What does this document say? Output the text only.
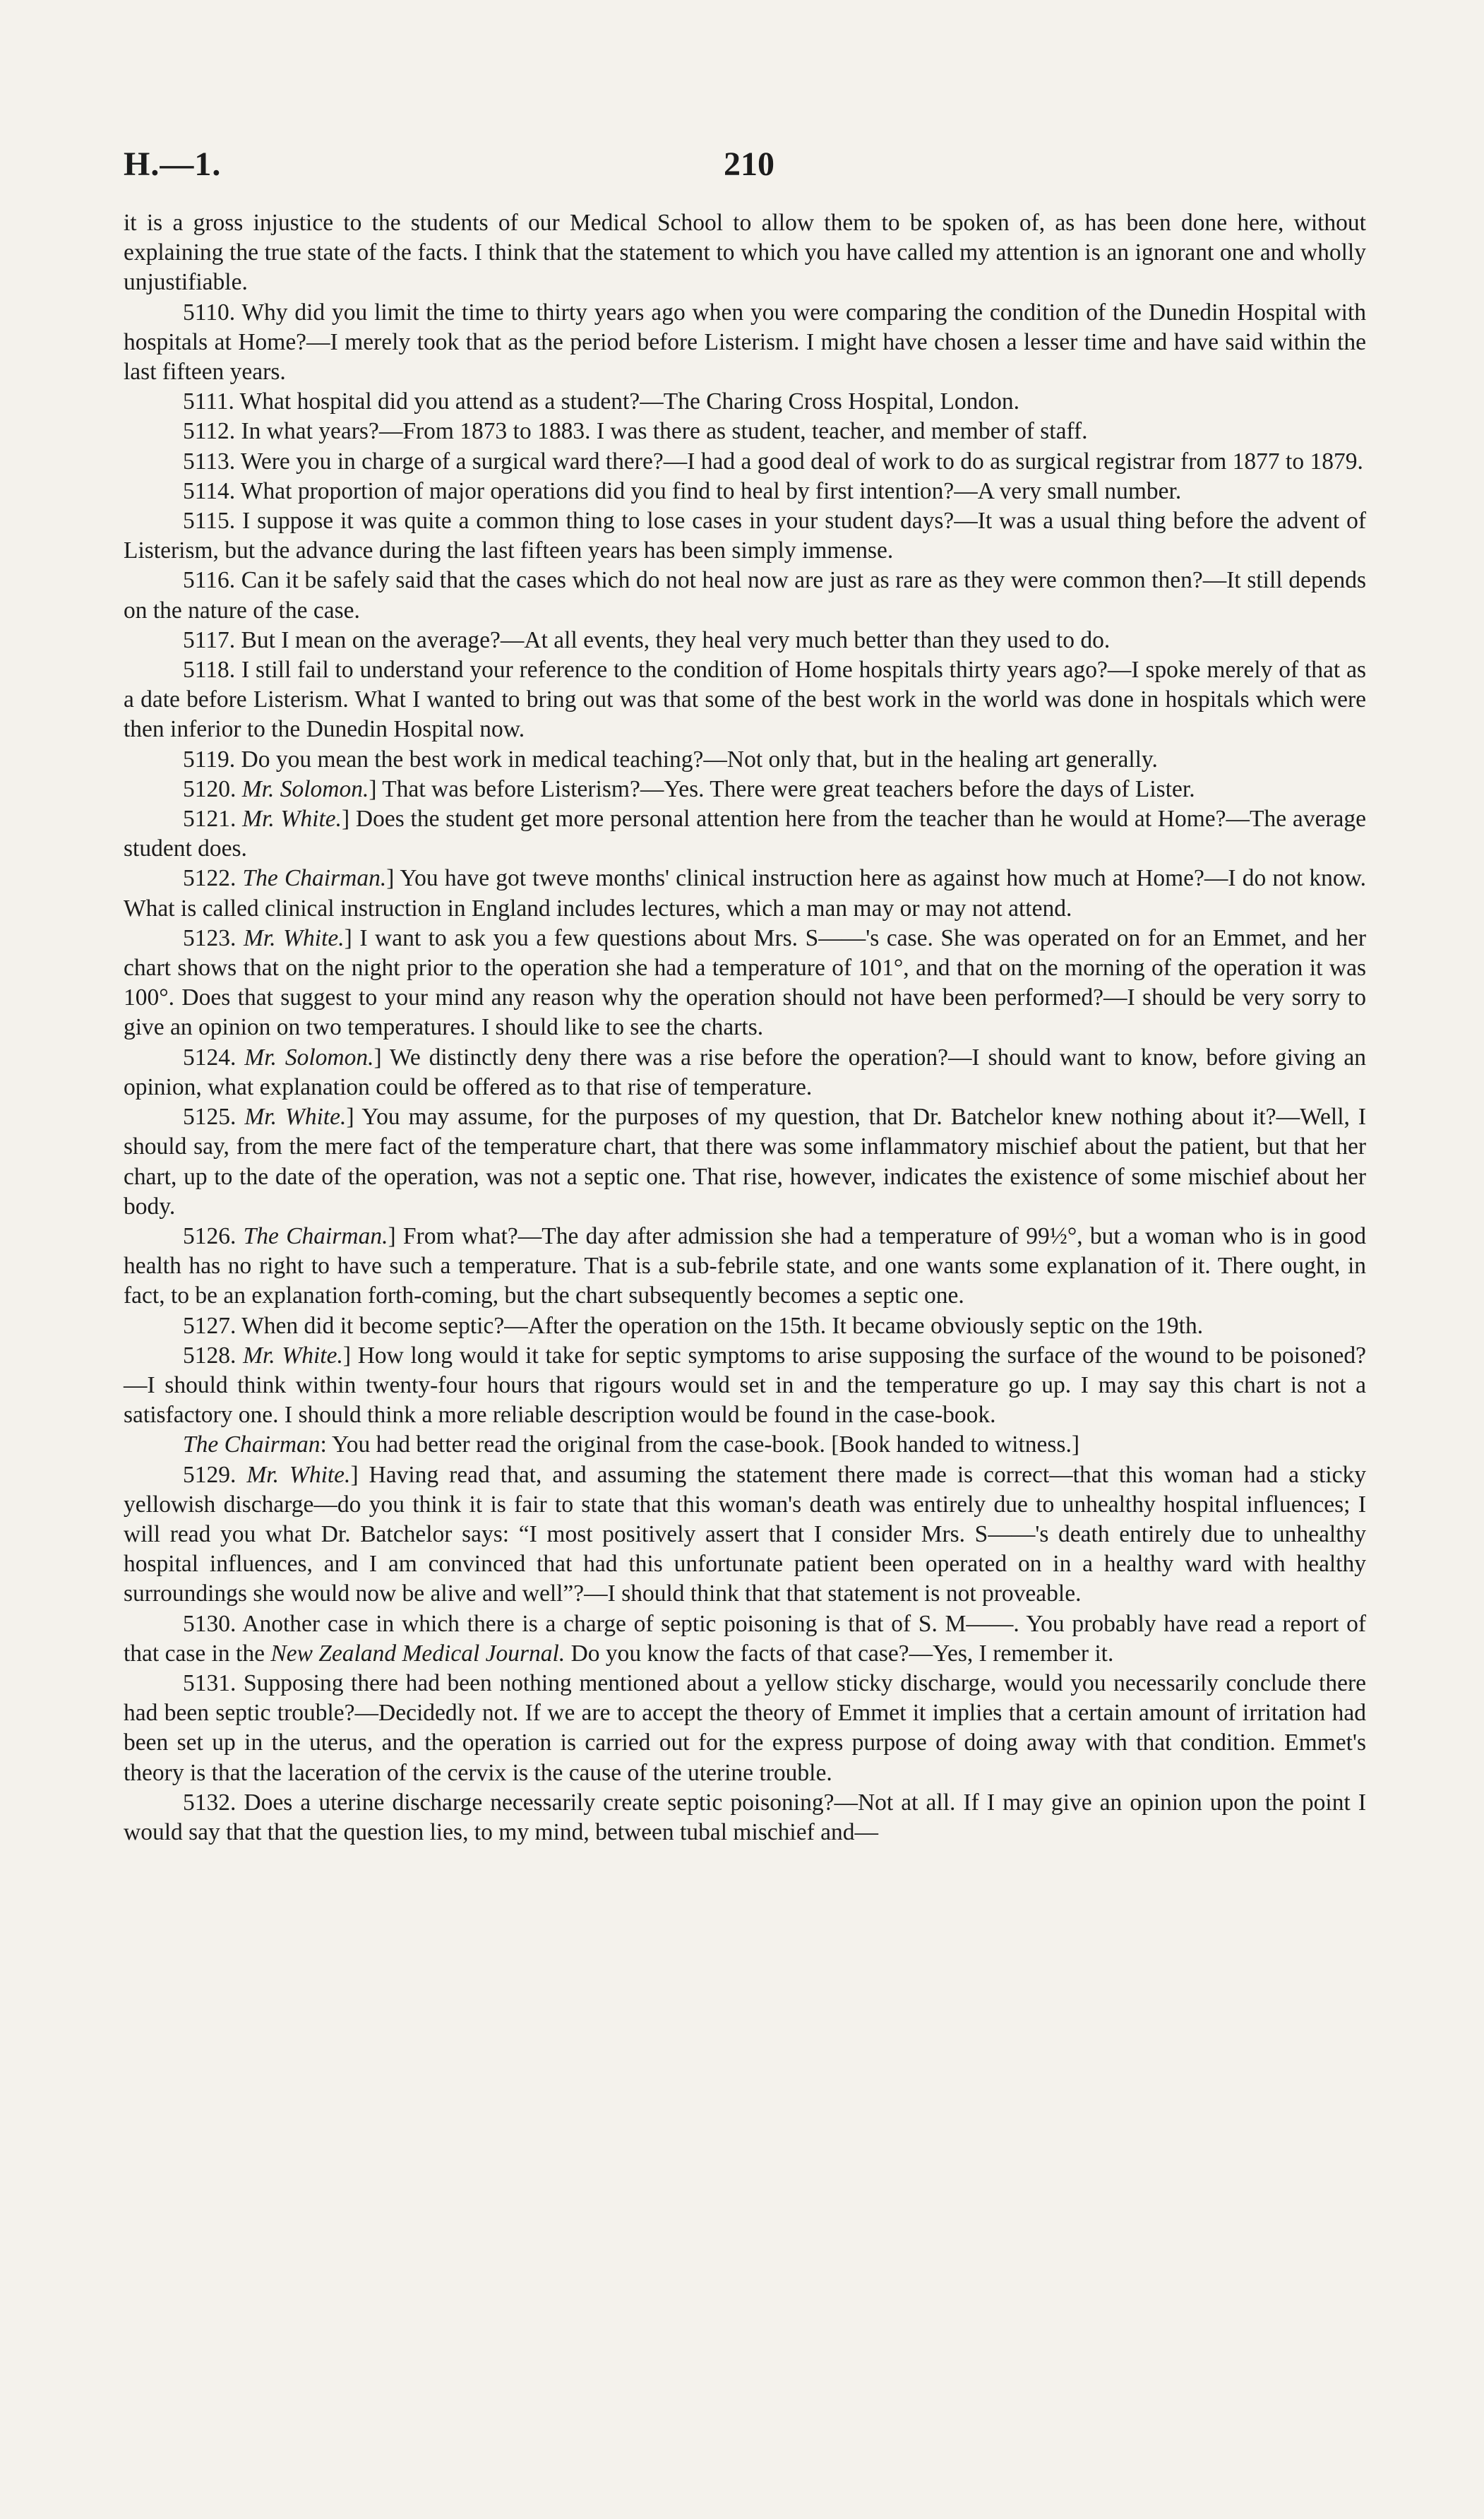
H.—1.	210

it is a gross injustice to the students of our Medical School to allow them to be spoken of, as has been done here, without explaining the true state of the facts. I think that the statement to which you have called my attention is an ignorant one and wholly unjustifiable.

5110. Why did you limit the time to thirty years ago when you were comparing the condition of the Dunedin Hospital with hospitals at Home?—I merely took that as the period before Listerism. I might have chosen a lesser time and have said within the last fifteen years.

5111. What hospital did you attend as a student?—The Charing Cross Hospital, London.

5112. In what years?—From 1873 to 1883. I was there as student, teacher, and member of staff.

5113. Were you in charge of a surgical ward there?—I had a good deal of work to do as surgical registrar from 1877 to 1879.

5114. What proportion of major operations did you find to heal by first intention?—A very small number.

5115. I suppose it was quite a common thing to lose cases in your student days?—It was a usual thing before the advent of Listerism, but the advance during the last fifteen years has been simply immense.

5116. Can it be safely said that the cases which do not heal now are just as rare as they were common then?—It still depends on the nature of the case.

5117. But I mean on the average?—At all events, they heal very much better than they used to do.

5118. I still fail to understand your reference to the condition of Home hospitals thirty years ago?—I spoke merely of that as a date before Listerism. What I wanted to bring out was that some of the best work in the world was done in hospitals which were then inferior to the Dunedin Hospital now.

5119. Do you mean the best work in medical teaching?—Not only that, but in the healing art generally.

5120. Mr. Solomon.] That was before Listerism?—Yes. There were great teachers before the days of Lister.

5121. Mr. White.] Does the student get more personal attention here from the teacher than he would at Home?—The average student does.

5122. The Chairman.] You have got tweve months' clinical instruction here as against how much at Home?—I do not know. What is called clinical instruction in England includes lectures, which a man may or may not attend.

5123. Mr. White.] I want to ask you a few questions about Mrs. S——'s case. She was operated on for an Emmet, and her chart shows that on the night prior to the operation she had a temperature of 101°, and that on the morning of the operation it was 100°. Does that suggest to your mind any reason why the operation should not have been performed?—I should be very sorry to give an opinion on two temperatures. I should like to see the charts.

5124. Mr. Solomon.] We distinctly deny there was a rise before the operation?—I should want to know, before giving an opinion, what explanation could be offered as to that rise of temperature.

5125. Mr. White.] You may assume, for the purposes of my question, that Dr. Batchelor knew nothing about it?—Well, I should say, from the mere fact of the temperature chart, that there was some inflammatory mischief about the patient, but that her chart, up to the date of the operation, was not a septic one. That rise, however, indicates the existence of some mischief about her body.

5126. The Chairman.] From what?—The day after admission she had a temperature of 99½°, but a woman who is in good health has no right to have such a temperature. That is a sub-febrile state, and one wants some explanation of it. There ought, in fact, to be an explanation forth-coming, but the chart subsequently becomes a septic one.

5127. When did it become septic?—After the operation on the 15th. It became obviously septic on the 19th.

5128. Mr. White.] How long would it take for septic symptoms to arise supposing the surface of the wound to be poisoned?—I should think within twenty-four hours that rigours would set in and the temperature go up. I may say this chart is not a satisfactory one. I should think a more reliable description would be found in the case-book.

The Chairman: You had better read the original from the case-book. [Book handed to witness.]

5129. Mr. White.] Having read that, and assuming the statement there made is correct—that this woman had a sticky yellowish discharge—do you think it is fair to state that this woman's death was entirely due to unhealthy hospital influences; I will read you what Dr. Batchelor says: “I most positively assert that I consider Mrs. S——'s death entirely due to unhealthy hospital influences, and I am convinced that had this unfortunate patient been operated on in a healthy ward with healthy surroundings she would now be alive and well”?—I should think that that statement is not proveable.

5130. Another case in which there is a charge of septic poisoning is that of S. M——. You probably have read a report of that case in the New Zealand Medical Journal. Do you know the facts of that case?—Yes, I remember it.

5131. Supposing there had been nothing mentioned about a yellow sticky discharge, would you necessarily conclude there had been septic trouble?—Decidedly not. If we are to accept the theory of Emmet it implies that a certain amount of irritation had been set up in the uterus, and the operation is carried out for the express purpose of doing away with that condition. Emmet's theory is that the laceration of the cervix is the cause of the uterine trouble.

5132. Does a uterine discharge necessarily create septic poisoning?—Not at all. If I may give an opinion upon the point I would say that that the question lies, to my mind, between tubal mischief and—
